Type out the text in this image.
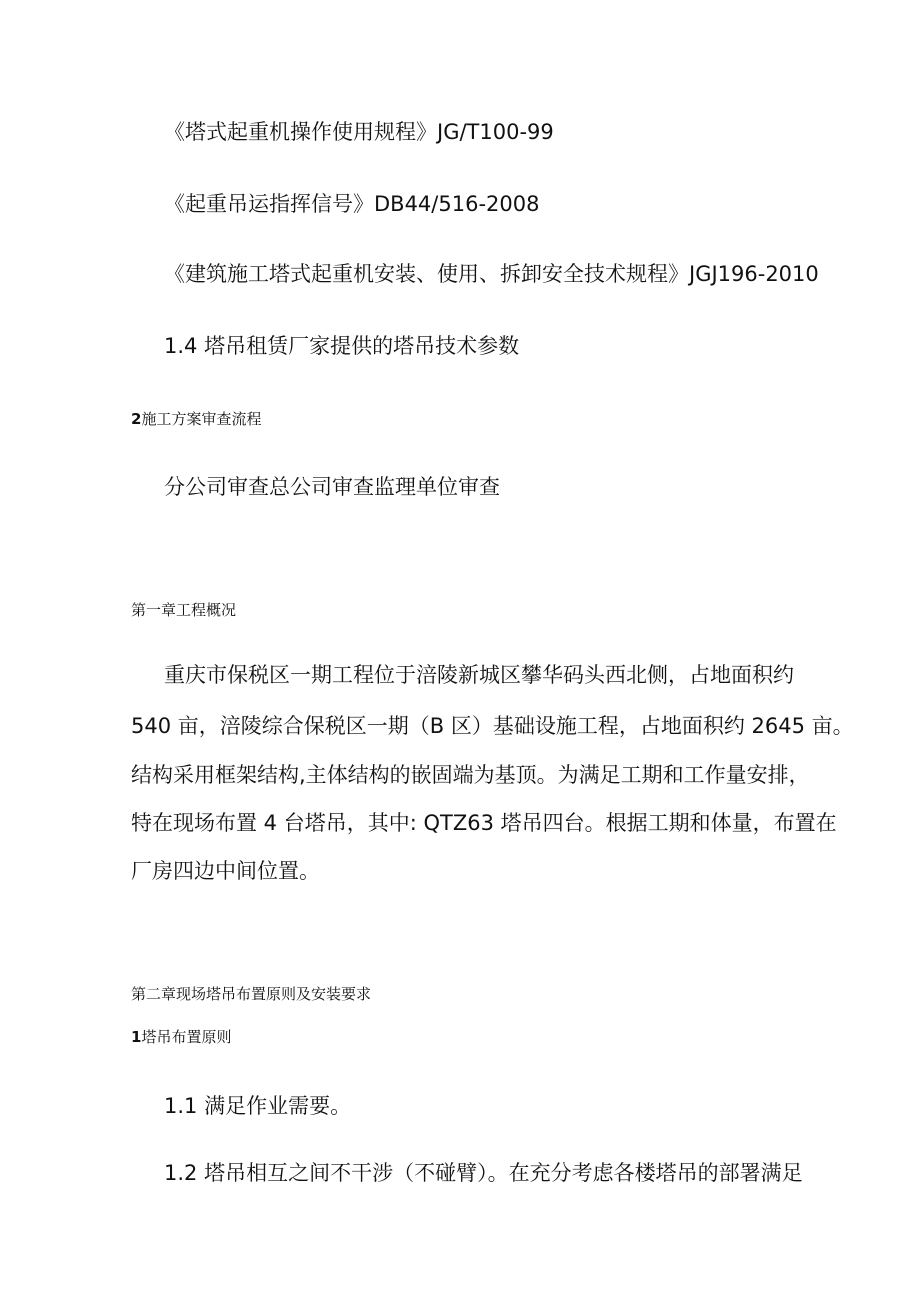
《塔式起重机操作使用规程》JG/T100-99
《起重吊运指挥信号》DB44/516-2008
《建筑施工塔式起重机安装、使用、拆卸安全技术规程》JGJ196-2010
1.4 塔吊租赁厂家提供的塔吊技术参数
2施工方案审查流程
分公司审查总公司审查监理单位审查
第一章工程概况
重庆市保税区一期工程位于涪陵新城区攀华码头西北侧，占地面积约
540 亩，涪陵综合保税区一期（B 区）基础设施工程，占地面积约 2645 亩。
结构采用框架结构,主体结构的嵌固端为基顶。为满足工期和工作量安排，
特在现场布置 4 台塔吊，其中: QTZ63 塔吊四台。根据工期和体量，布置在
厂房四边中间位置。
第二章现场塔吊布置原则及安装要求
1塔吊布置原则
1.1 满足作业需要。
1.2 塔吊相互之间不干涉（不碰臂）。在充分考虑各楼塔吊的部署满足
